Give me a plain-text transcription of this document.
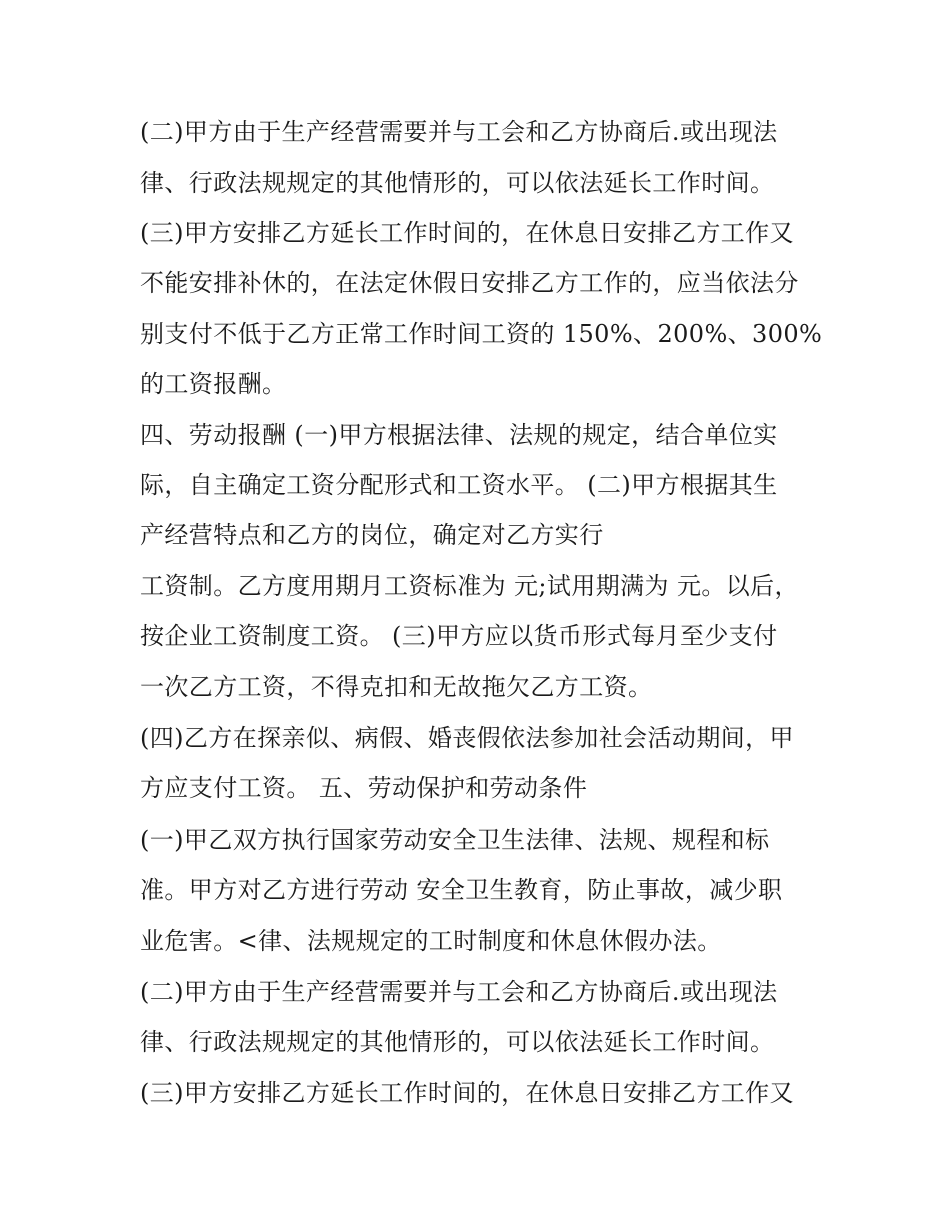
(二)甲方由于生产经营需要并与工会和乙方协商后.或出现法

律、行政法规规定的其他情形的，可以依法延长工作时间。

(三)甲方安排乙方延长工作时间的，在休息日安排乙方工作又

不能安排补休的，在法定休假日安排乙方工作的，应当依法分

别支付不低于乙方正常工作时间工资的 150%、200%、300%

的工资报酬。

四、劳动报酬 (一)甲方根据法律、法规的规定，结合单位实

际，自主确定工资分配形式和工资水平。 (二)甲方根据其生

产经营特点和乙方的岗位，确定对乙方实行

工资制。乙方度用期月工资标准为 元;试用期满为 元。以后，

按企业工资制度工资。 (三)甲方应以货币形式每月至少支付

一次乙方工资，不得克扣和无故拖欠乙方工资。

(四)乙方在探亲似、病假、婚丧假依法参加社会活动期间，甲

方应支付工资。 五、劳动保护和劳动条件

(一)甲乙双方执行国家劳动安全卫生法律、法规、规程和标

准。甲方对乙方进行劳动 安全卫生教育，防止事故，减少职

业危害。<律、法规规定的工时制度和休息休假办法。

(二)甲方由于生产经营需要并与工会和乙方协商后.或出现法

律、行政法规规定的其他情形的，可以依法延长工作时间。

(三)甲方安排乙方延长工作时间的，在休息日安排乙方工作又
